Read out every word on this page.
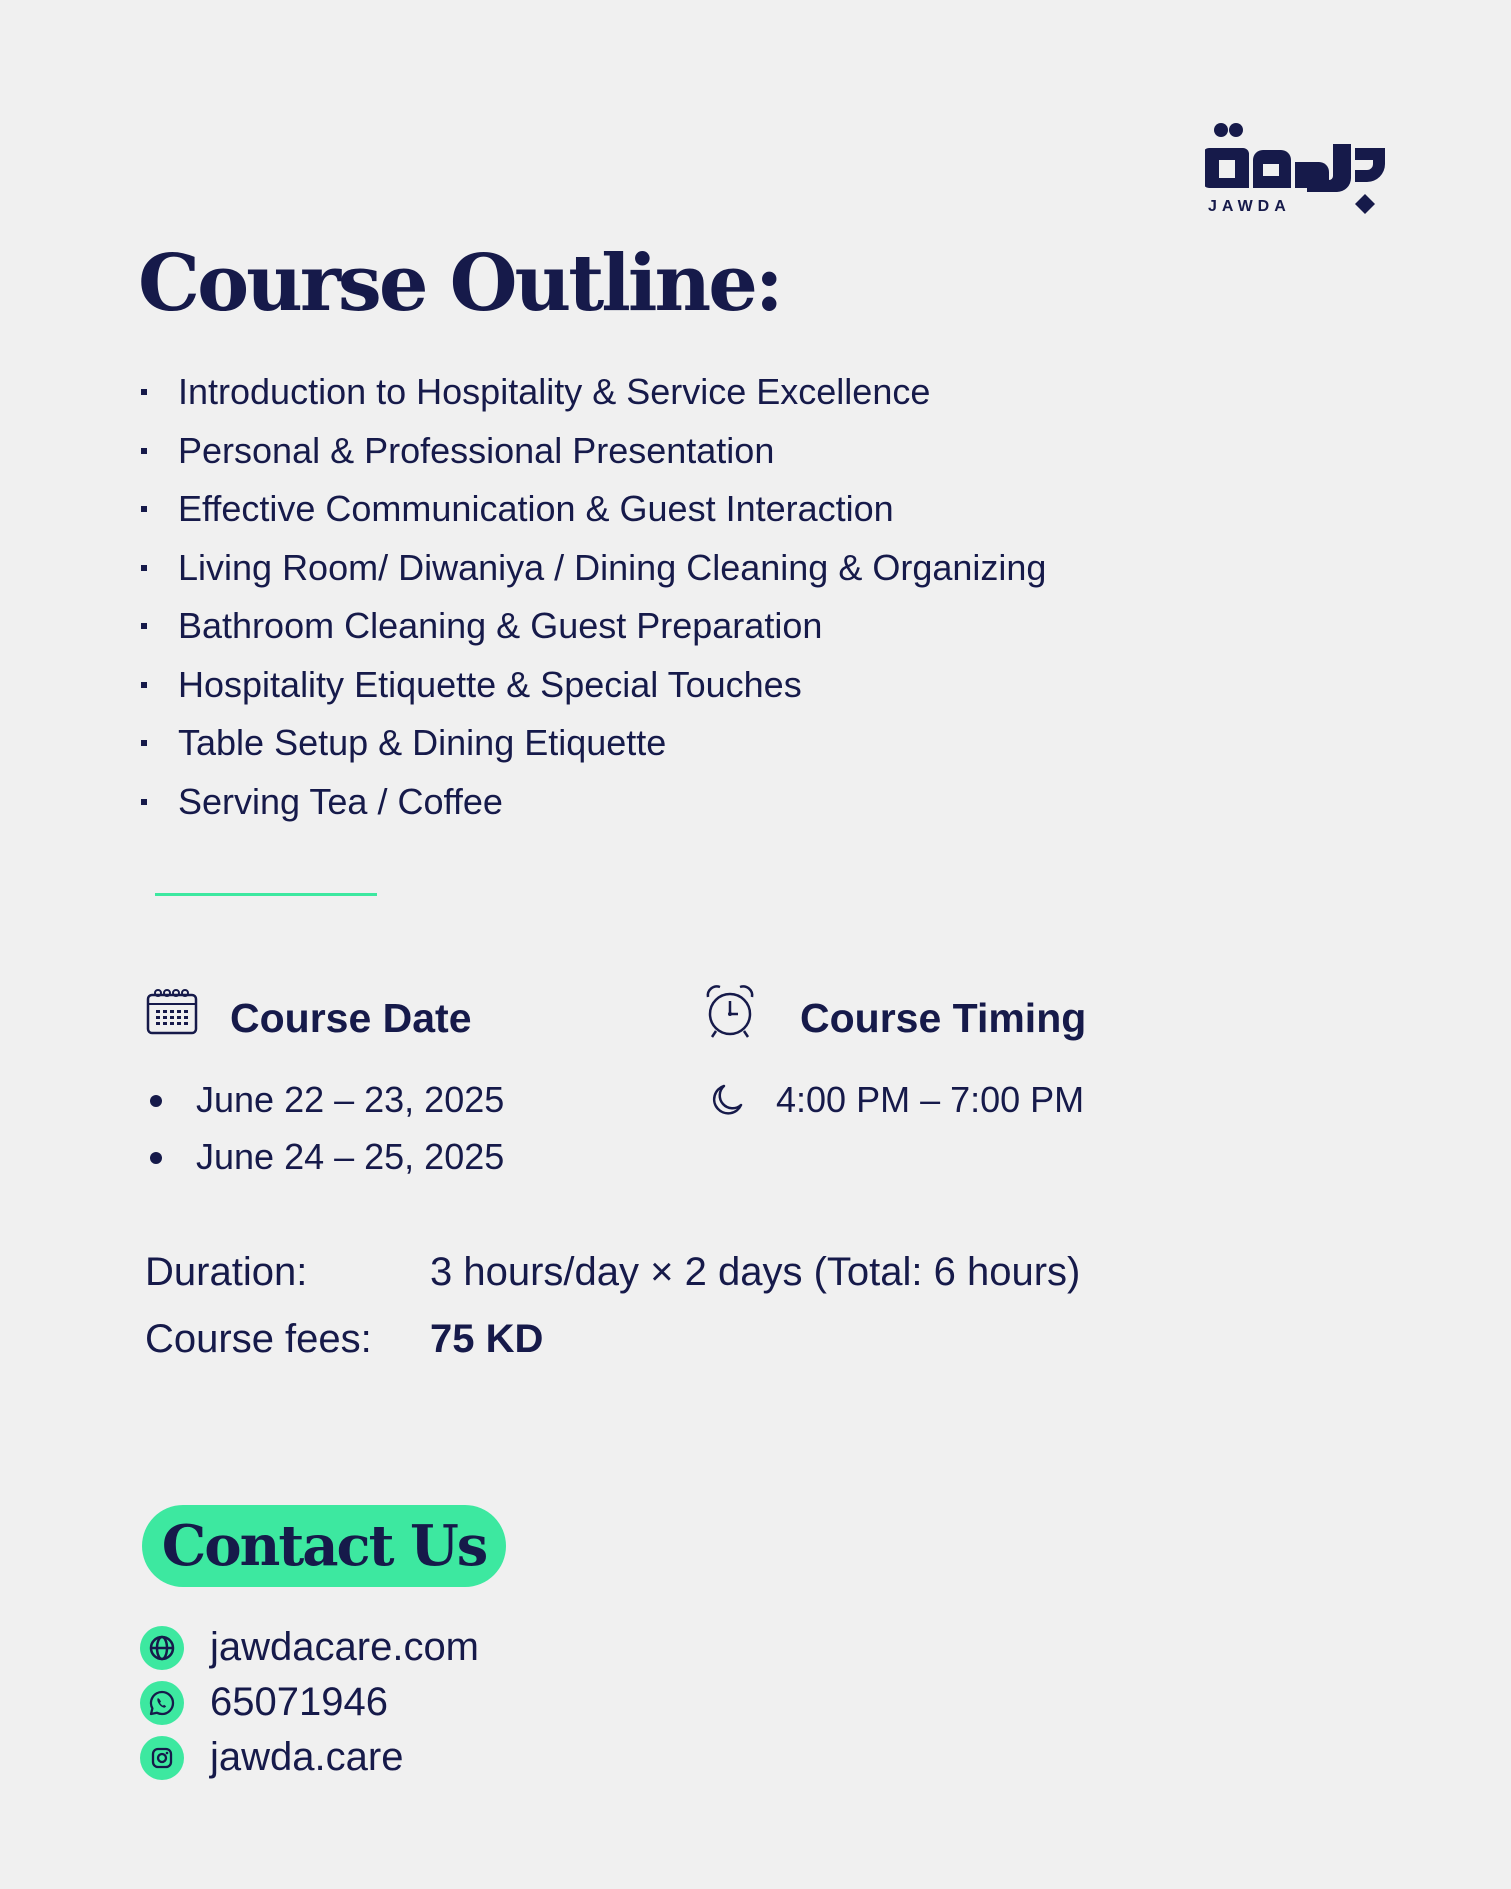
JAWDA
Course Outline:
Introduction to Hospitality & Service Excellence
Personal & Professional Presentation
Effective Communication & Guest Interaction
Living Room/ Diwaniya / Dining Cleaning & Organizing
Bathroom Cleaning & Guest Preparation
Hospitality Etiquette & Special Touches
Table Setup & Dining Etiquette
Serving Tea / Coffee
Course Date
June 22 – 23, 2025
June 24 – 25, 2025
Course Timing
4:00 PM – 7:00 PM
Duration:	3 hours/day × 2 days (Total: 6 hours)
Course fees: 75 KD
Contact Us
jawdacare.com
65071946
jawda.care
